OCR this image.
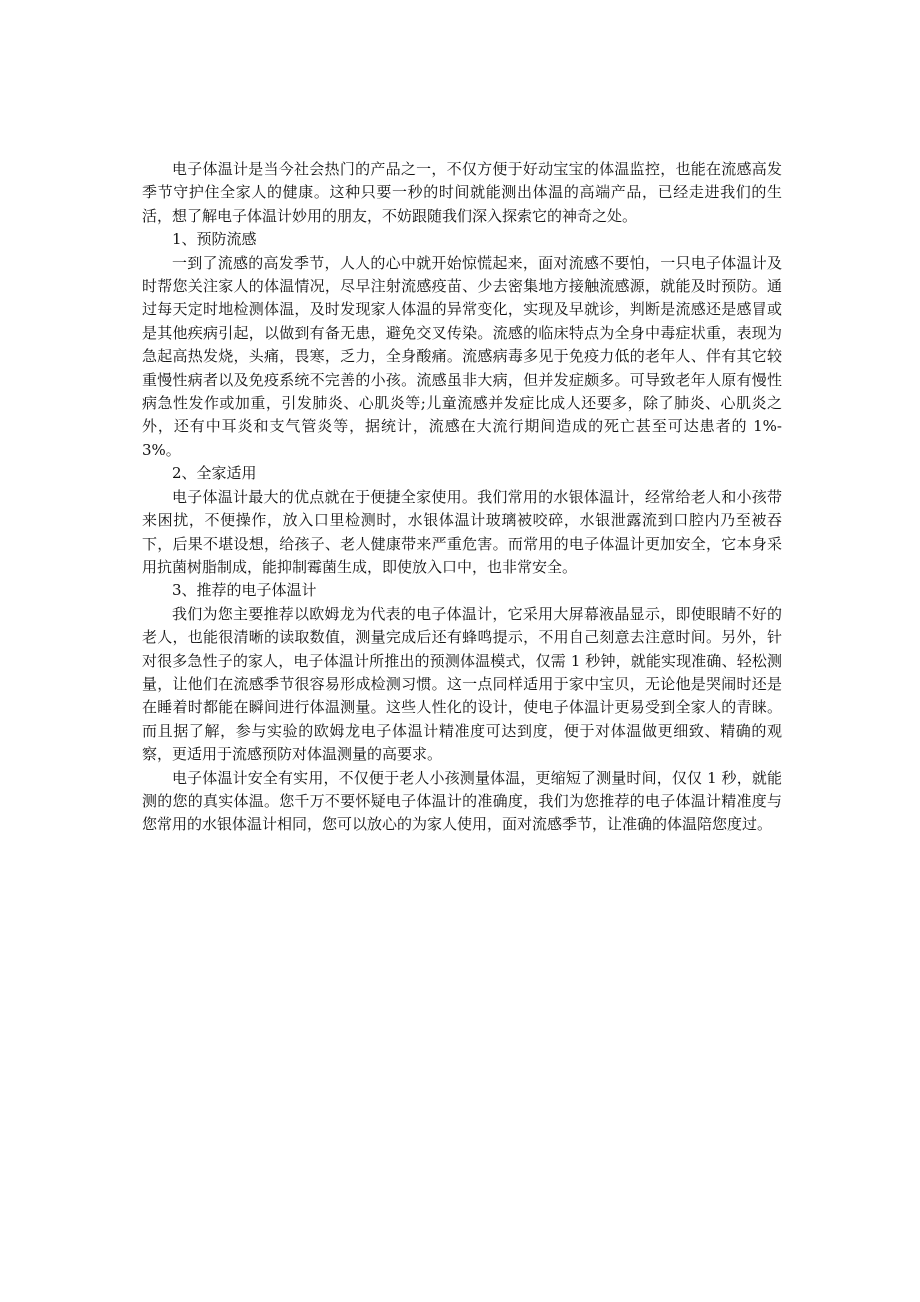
电子体温计是当今社会热门的产品之一，不仅方便于好动宝宝的体温监控，也能在流感高发季节守护住全家人的健康。这种只要一秒的时间就能测出体温的高端产品，已经走进我们的生活，想了解电子体温计妙用的朋友，不妨跟随我们深入探索它的神奇之处。

1、预防流感

一到了流感的高发季节，人人的心中就开始惊慌起来，面对流感不要怕，一只电子体温计及时帮您关注家人的体温情况，尽早注射流感疫苗、少去密集地方接触流感源，就能及时预防。通过每天定时地检测体温，及时发现家人体温的异常变化，实现及早就诊，判断是流感还是感冒或是其他疾病引起，以做到有备无患，避免交叉传染。流感的临床特点为全身中毒症状重，表现为急起高热发烧，头痛，畏寒，乏力，全身酸痛。流感病毒多见于免疫力低的老年人、伴有其它较重慢性病者以及免疫系统不完善的小孩。流感虽非大病，但并发症颇多。可导致老年人原有慢性病急性发作或加重，引发肺炎、心肌炎等;儿童流感并发症比成人还要多，除了肺炎、心肌炎之外，还有中耳炎和支气管炎等，据统计，流感在大流行期间造成的死亡甚至可达患者的 1%-3%。

2、全家适用

电子体温计最大的优点就在于便捷全家使用。我们常用的水银体温计，经常给老人和小孩带来困扰，不便操作，放入口里检测时，水银体温计玻璃被咬碎，水银泄露流到口腔内乃至被吞下，后果不堪设想，给孩子、老人健康带来严重危害。而常用的电子体温计更加安全，它本身采用抗菌树脂制成，能抑制霉菌生成，即使放入口中，也非常安全。

3、推荐的电子体温计

我们为您主要推荐以欧姆龙为代表的电子体温计，它采用大屏幕液晶显示，即使眼睛不好的老人，也能很清晰的读取数值，测量完成后还有蜂鸣提示，不用自己刻意去注意时间。另外，针对很多急性子的家人，电子体温计所推出的预测体温模式，仅需 1 秒钟，就能实现准确、轻松测量，让他们在流感季节很容易形成检测习惯。这一点同样适用于家中宝贝，无论他是哭闹时还是在睡着时都能在瞬间进行体温测量。这些人性化的设计，使电子体温计更易受到全家人的青睐。而且据了解，参与实验的欧姆龙电子体温计精准度可达到度，便于对体温做更细致、精确的观察，更适用于流感预防对体温测量的高要求。

电子体温计安全有实用，不仅便于老人小孩测量体温，更缩短了测量时间，仅仅 1 秒，就能测的您的真实体温。您千万不要怀疑电子体温计的准确度，我们为您推荐的电子体温计精准度与您常用的水银体温计相同，您可以放心的为家人使用，面对流感季节，让准确的体温陪您度过。
